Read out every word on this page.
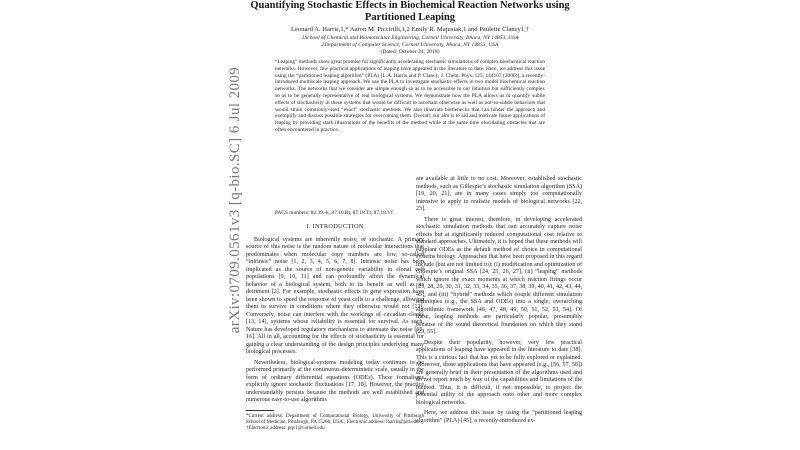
arXiv:0709.0561v3 [q-bio.SC] 6 Jul 2009
Quantifying Stochastic Effects in Biochemical Reaction Networks using Partitioned Leaping
Leonard A. Harris,1,* Aaron M. Piccirilli,1,2 Emily R. Majusiak,1 and Paulette Clancy1,†
1School of Chemical and Biomolecular Engineering, Cornell University, Ithaca, NY 14853, USA
2Department of Computer Science, Cornell University, Ithaca, NY 14853, USA
(Dated: October 24, 2018)
“Leaping” methods show great promise for significantly accelerating stochastic simulations of complex biochemical reaction networks. However, few practical applications of leaping have appeared in the literature to date. Here, we address this issue using the “partitioned leaping algorithm” (PLA) [L.A. Harris and P. Clancy, J. Chem. Phys. 125, 144107 (2006)], a recently-introduced multiscale leaping approach. We use the PLA to investigate stochastic effects in two model biochemical reaction networks. The networks that we consider are simple enough so as to be accessible to our intuition but sufficiently complex so as to be generally representative of real biological systems. We demonstrate how the PLA allows us to quantify subtle effects of stochasticity in these systems that would be difficult to ascertain otherwise as well as not-so-subtle behaviors that would strain commonly-used “exact” stochastic methods. We also illustrate bottlenecks that can hinder the approach and exemplify and discuss possible strategies for overcoming them. Overall, our aim is to aid and motivate future applications of leaping by providing stark illustrations of the benefits of the method while at the same time elucidating obstacles that are often encountered in practice.
PACS numbers: 82.39.-k, 87.10.Rt, 87.18.Tt, 87.18.Vf
I. INTRODUCTION

Biological systems are inherently noisy, or stochastic. A primary source of this noise is the random nature of molecular interactions that predominates when molecular copy numbers are low, so-called “intrinsic” noise [1, 2, 3, 4, 5, 6, 7, 8]. Intrinsic noise has been implicated as the source of non-genetic variability in clonal cell populations [9, 10, 11] and can profoundly affect the dynamical behavior of a biological system, both to its benefit as well as its detriment [2]. For example, stochastic effects in gene expression have been shown to speed the response of yeast cells to a challenge, allowing them to survive in conditions where they otherwise would not [12]. Conversely, noise can interfere with the workings of circadian clocks [13, 14], systems whose reliability is essential for survival. As such, Nature has developed regulatory mechanisms to attenuate the noise [15, 16]. All in all, accounting for the effects of stochasticity is essential for gaining a clear understanding of the design principles underlying many biological processes.

Nevertheless, biological-systems modeling today continues to be performed primarily at the continuous-deterministic scale, usually in the form of ordinary differential equations (ODEs). These formalisms explicitly ignore stochastic fluctuations [17, 18]. However, the practice understandably persists because the methods are well established and numerous easy-to-use algorithms

*Current address: Department of Computational Biology, University of Pittsburgh School of Medicine, Pittsburgh, PA 15260, USA.; Electronic address: lharris@pitt.edu

†Electronic address: pqc1@cornell.edu

are available at little to no cost. Moreover, established stochastic methods, such as Gillespie’s stochastic simulation algorithm (SSA) [19, 20, 21], are in many cases simply too computationally intensive to apply to realistic models of biological networks [22, 23].

There is great interest, therefore, in developing accelerated stochastic simulation methods that can accurately capture noise effects but at significantly reduced computational cost relative to standard approaches. Ultimately, it is hoped that these methods will supplant ODEs as the default method of choice in computational systems biology. Approaches that have been proposed in this regard include (but are not limited to): (i) modification and optimization of Gillespie’s original SSA [24, 25, 26, 27], (ii) “leaping” methods which ignore the exact moments at which reaction firings occur [23, 28, 29, 30, 31, 32, 33, 34, 35, 36, 37, 38, 39, 40, 41, 42, 43, 44, 45], and (iii) “hybrid” methods which couple different simulation techniques (e.g., the SSA and ODEs) into a single, overarching algorithmic framework [46, 47, 48, 49, 50, 51, 52, 53, 54]. Of these, leaping methods are particularly popular, presumably because of the sound theoretical foundation on which they stand [23, 55].

Despite their popularity, however, very few practical applications of leaping have appeared in the literature to date [38]. This is a curious fact that has yet to be fully explored or explained. Moreover, those applications that have appeared (e.g., [56, 57, 58]) are generally brief in their presentation of the algorithms used and do not report much by way of the capabilities and limitations of the method. Thus, it is difficult, if not impossible, to project the potential utility of the approach onto other and more complex biological networks.

Here, we address this issue by using the “partitioned leaping algorithm” (PLA) [45], a recently-introduced ex-
